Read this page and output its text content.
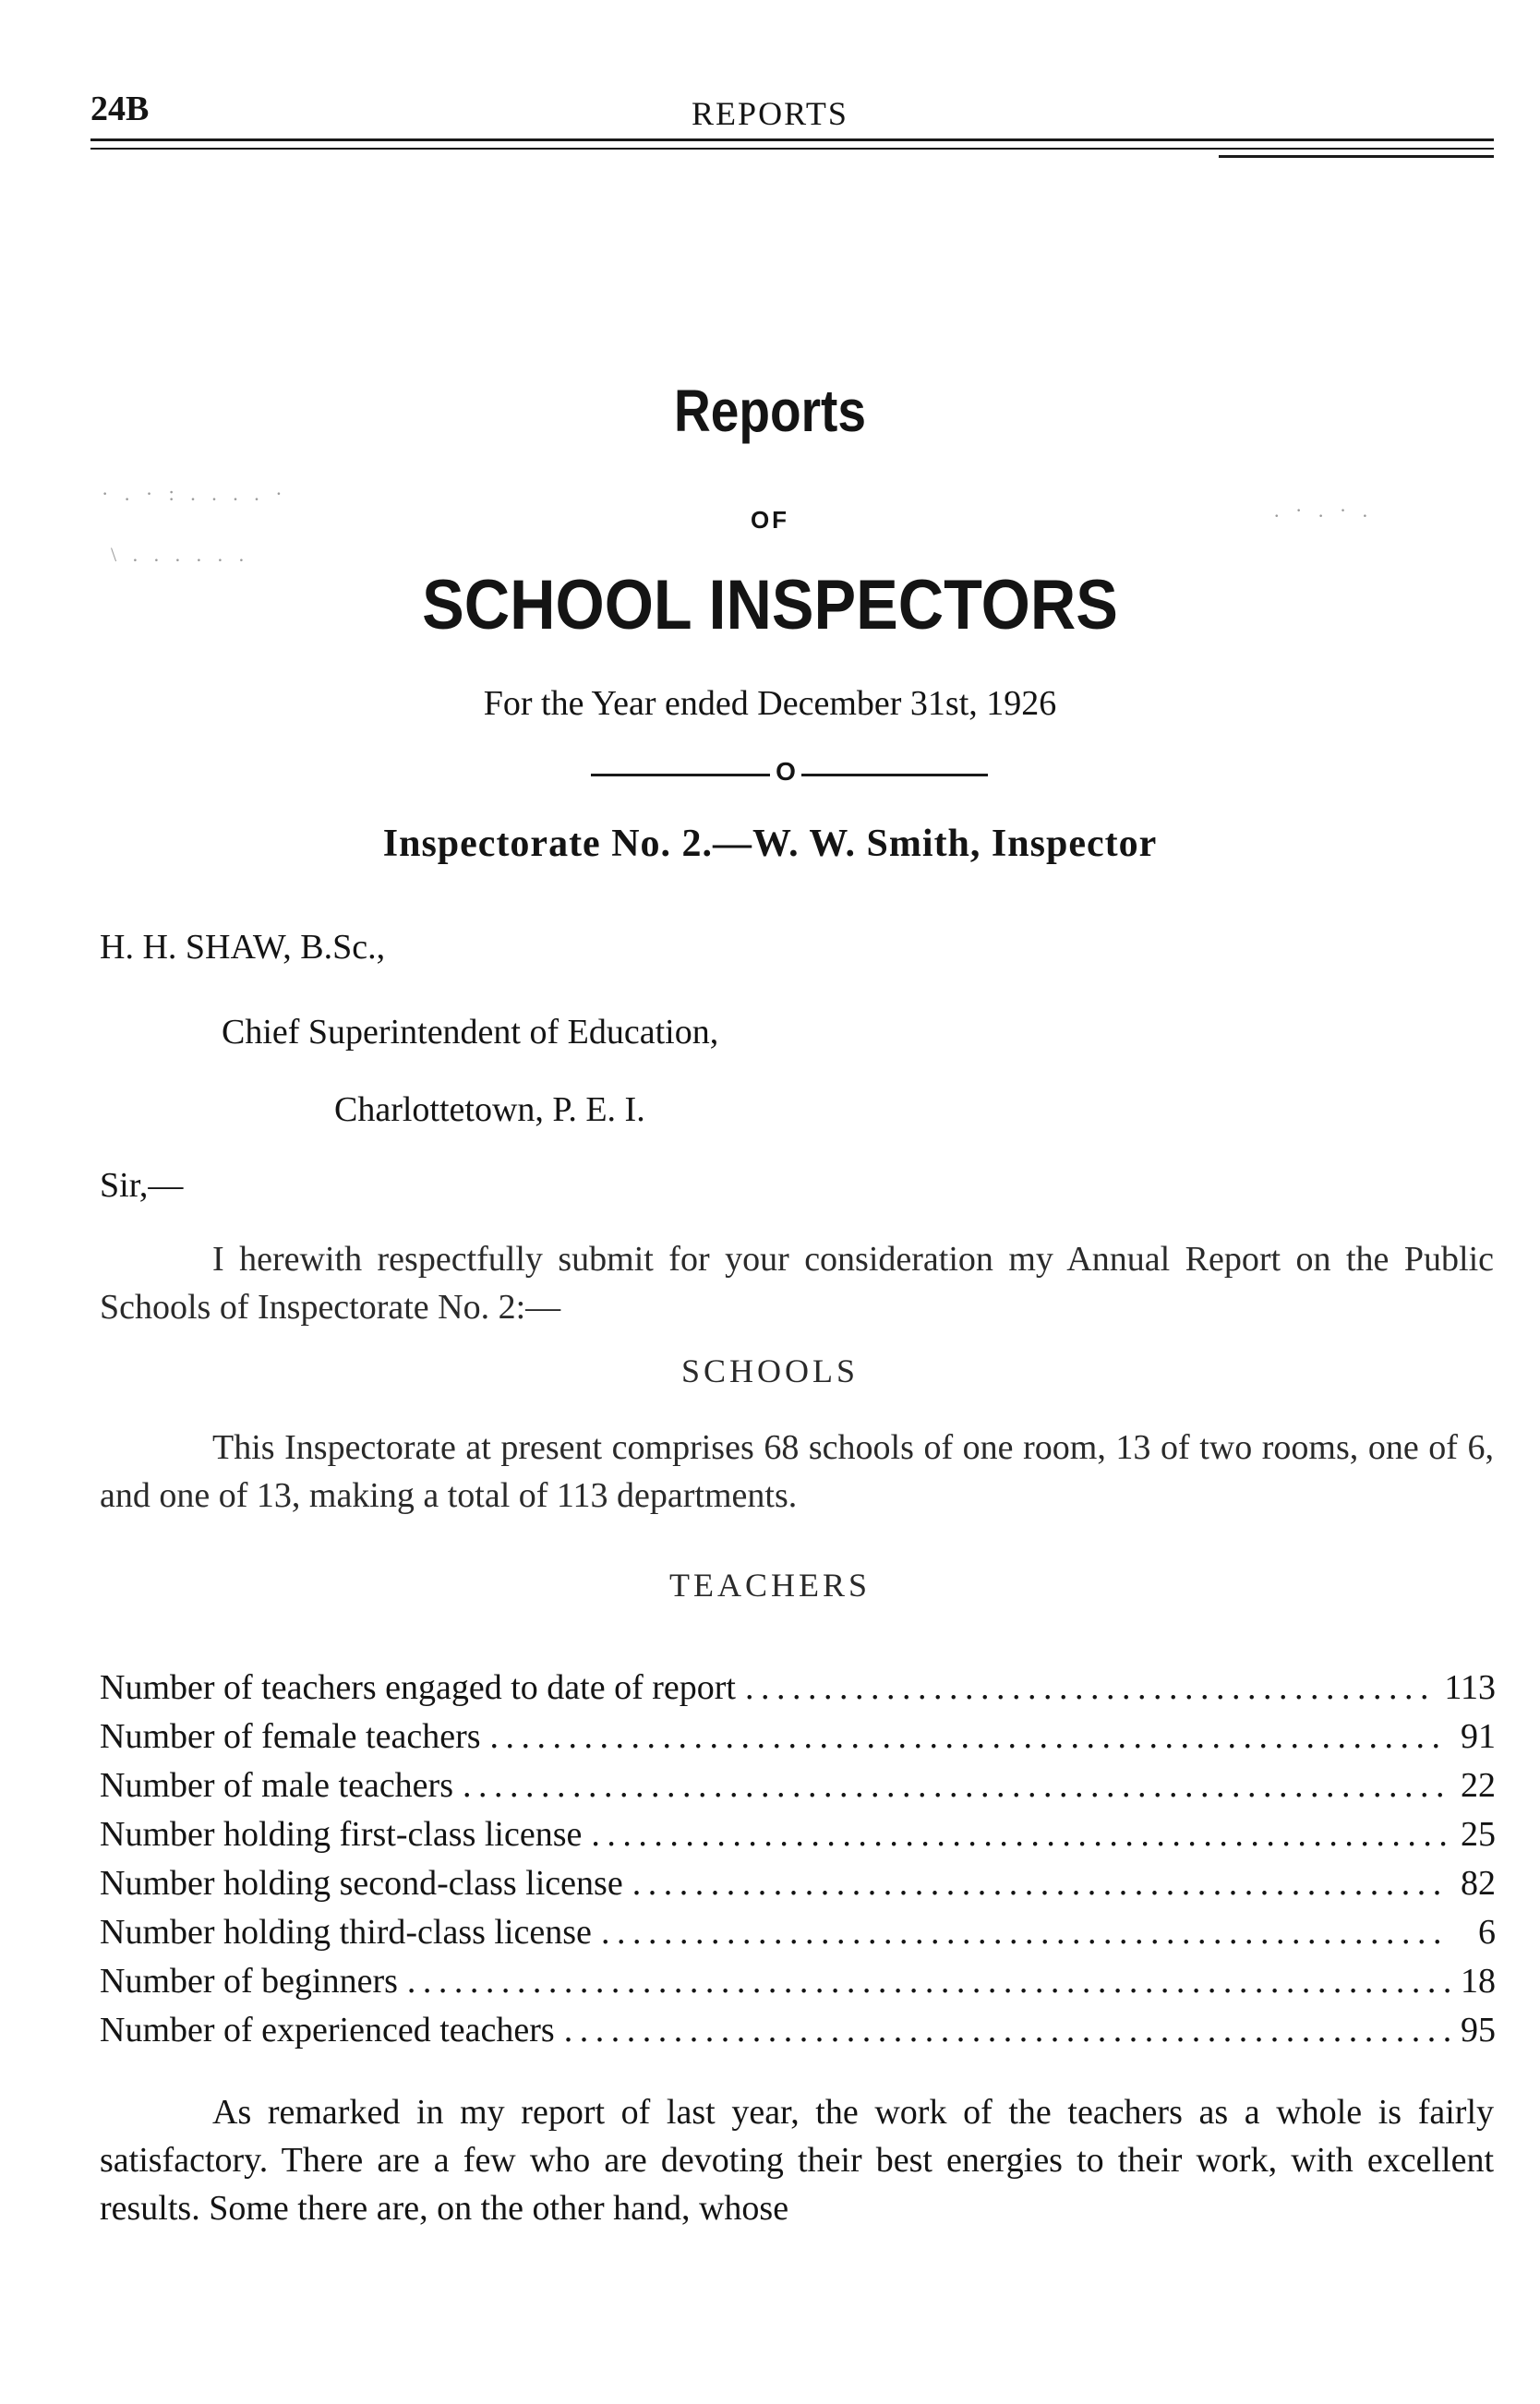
24B	REPORTS
· . · : . . . . ·
\ . . . . . .
. · . · .
Reports
OF
SCHOOL INSPECTORS
For the Year ended December 31st, 1926
O
Inspectorate No. 2.—W. W. Smith, Inspector
H. H. SHAW, B.Sc.,
Chief Superintendent of Education,
Charlottetown, P. E. I.
Sir,—
I herewith respectfully submit for your consideration my Annual Report on the Public Schools of Inspectorate No. 2:—
SCHOOLS
This Inspectorate at present comprises 68 schools of one room, 13 of two rooms, one of 6, and one of 13, making a total of 113 departments.
TEACHERS
Number of teachers engaged to date of report . . .	113
Number of female teachers . . .	91
Number of male teachers . . .	22
Number holding first-class license . . .	25
Number holding second-class license . . .	82
Number holding third-class license . . .	6
Number of beginners . . .	18
Number of experienced teachers . . .	95
As remarked in my report of last year, the work of the teachers as a whole is fairly satisfactory. There are a few who are devoting their best energies to their work, with excellent results. Some there are, on the other hand, whose
